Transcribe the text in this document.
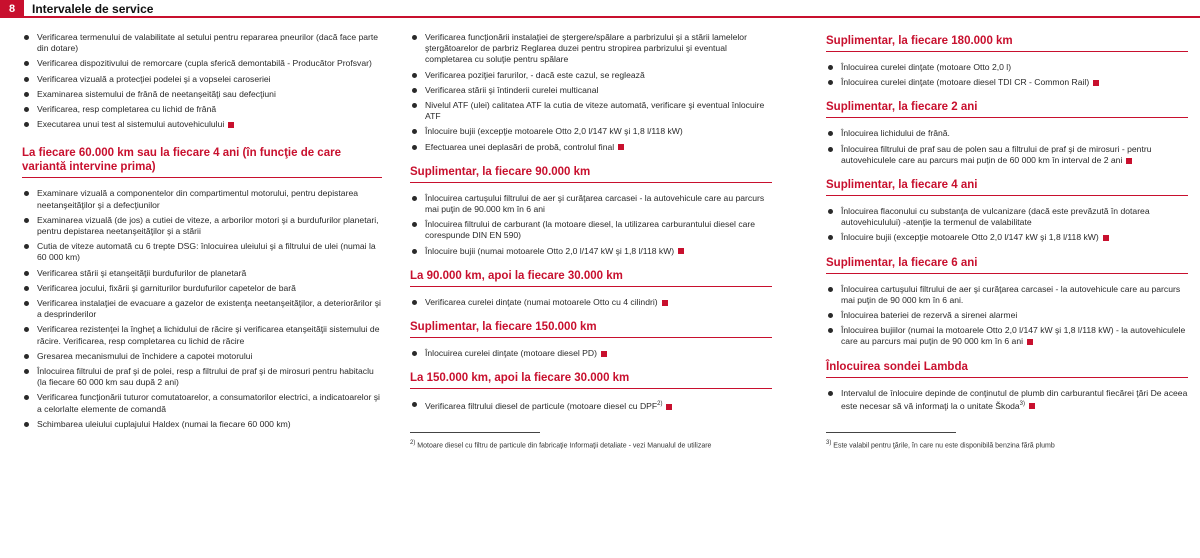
8	Intervalele de service
Verificarea termenului de valabilitate al setului pentru repararea pneurilor (dacă face parte din dotare)
Verificarea dispozitivului de remorcare (cupla sferică demontabilă - Producător Profsvar)
Verificarea vizuală a protecţiei podelei şi a vopselei caroseriei
Examinarea sistemului de frână de neetanşeităţi sau defecţiuni
Verificarea, resp completarea cu lichid de frână
Executarea unui test al sistemului autovehiculului
La fiecare 60.000 km sau la fiecare 4 ani (în funcţie de care variantă intervine prima)
Examinare vizuală a componentelor din compartimentul motorului, pentru depistarea neetanşeităţilor şi a defecţiunilor
Examinarea vizuală (de jos) a cutiei de viteze, a arborilor motori şi a burdufurilor planetari, pentru depistarea neetanşeităţilor şi a stării
Cutia de viteze automată cu 6 trepte DSG: înlocuirea uleiului şi a filtrului de ulei (numai la 60 000 km)
Verificarea stării şi etanşeităţii burdufurilor de planetară
Verificarea jocului, fixării şi garniturilor burdufurilor capetelor de bară
Verificarea instalaţiei de evacuare a gazelor de existenţa neetanşeităţilor, a deteriorărilor şi a desprinderilor
Verificarea rezistenţei la îngheţ a lichidului de răcire şi verificarea etanşeităţii sistemului de răcire. Verificarea, resp completarea cu lichid de răcire
Gresarea mecanismului de închidere a capotei motorului
Înlocuirea filtrului de praf şi de polei, resp a filtrului de praf şi de mirosuri pentru habitaclu (la fiecare 60 000 km sau după 2 ani)
Verificarea funcţionării tuturor comutatoarelor, a consumatorilor electrici, a indicatoarelor şi a celorlalte elemente de comandă
Schimbarea uleiului cuplajului Haldex (numai la fiecare 60 000 km)
Verificarea funcţionării instalaţiei de ştergere/spălare a parbrizului şi a stării lamelelor ştergătoarelor de parbriz Reglarea duzei pentru stropirea parbrizului şi eventual completarea cu soluţie pentru spălare
Verificarea poziţiei farurilor, - dacă este cazul, se reglează
Verificarea stării şi întinderii curelei multicanal
Nivelul ATF (ulei) calitatea ATF la cutia de viteze automată, verificare şi eventual înlocuire ATF
Înlocuire bujii (excepţie motoarele Otto 2,0 l/147 kW şi 1,8 l/118 kW)
Efectuarea unei deplasări de probă, controlul final
Suplimentar, la fiecare 90.000 km
Înlocuirea cartuşului filtrului de aer şi curăţarea carcasei - la autovehicule care au parcurs mai puţin de 90.000 km în 6 ani
Înlocuirea filtrului de carburant (la motoare diesel, la utilizarea carburantului diesel care corespunde DIN EN 590)
Înlocuire bujii (numai motoarele Otto 2,0 l/147 kW şi 1,8 l/118 kW)
La 90.000 km, apoi la fiecare 30.000 km
Verificarea curelei dinţate (numai motoarele Otto cu 4 cilindri)
Suplimentar, la fiecare 150.000 km
Înlocuirea curelei dinţate (motoare diesel PD)
La 150.000 km, apoi la fiecare 30.000 km
Verificarea filtrului diesel de particule (motoare diesel cu DPF$^{2)}$
$^{2)}$ Motoare diesel cu filtru de particule din fabricaţie Informaţii detaliate - vezi Manualul de utilizare
Suplimentar, la fiecare 180.000 km
Înlocuirea curelei dinţate (motoare Otto 2,0 l)
Înlocuirea curelei dinţate (motoare diesel TDI CR - Common Rail)
Suplimentar, la fiecare 2 ani
Înlocuirea lichidului de frână.
Înlocuirea filtrului de praf sau de polen sau a filtrului de praf şi de mirosuri - pentru autovehiculele care au parcurs mai puţin de 60 000 km în interval de 2 ani
Suplimentar, la fiecare 4 ani
Înlocuirea flaconului cu substanţa de vulcanizare (dacă este prevăzută în dotarea autovehiculului) -atenţie la termenul de valabilitate
Înlocuire bujii (excepţie motoarele Otto 2,0 l/147 kW şi 1,8 l/118 kW)
Suplimentar, la fiecare 6 ani
Înlocuirea cartuşului filtrului de aer şi curăţarea carcasei - la autovehicule care au parcurs mai puţin de 90 000 km în 6 ani.
Înlocuirea bateriei de rezervă a sirenei alarmei
Înlocuirea bujiilor (numai la motoarele Otto 2,0 l/147 kW şi 1,8 l/118 kW) - la autovehiculele care au parcurs mai puţin de 90 000 km în 6 ani
Înlocuirea sondei Lambda
Intervalul de înlocuire depinde de conţinutul de plumb din carburantul fiecărei ţări De aceea este necesar să vă informaţi la o unitate Škoda$^{3)}$
$^{3)}$ Este valabil pentru ţările, în care nu este disponibilă benzina fără plumb
